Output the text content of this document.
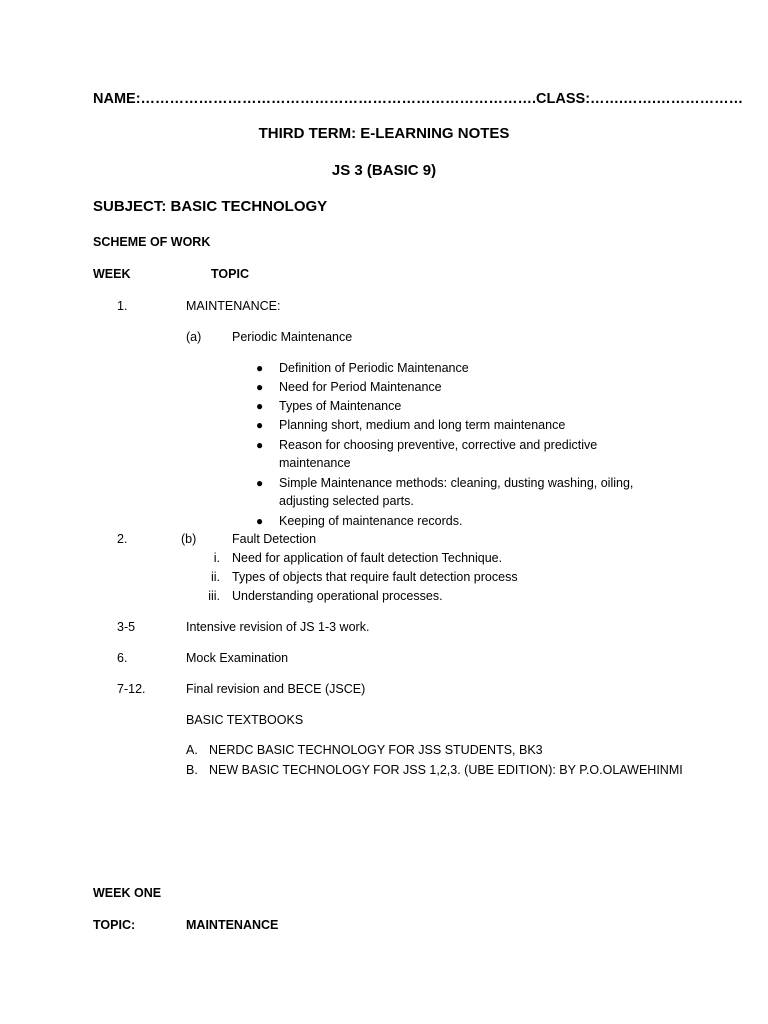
NAME:……………………………………………………………………….CLASS:…….…….………………
THIRD TERM: E-LEARNING NOTES
JS 3 (BASIC 9)
SUBJECT: BASIC TECHNOLOGY
SCHEME OF WORK
WEEK	TOPIC
1.	MAINTENANCE:
(a) Periodic Maintenance
● Definition of Periodic Maintenance
● Need for Period Maintenance
● Types of Maintenance
● Planning short, medium and long term maintenance
● Reason for choosing preventive, corrective and predictive
maintenance
● Simple Maintenance methods: cleaning, dusting washing, oiling,
adjusting selected parts.
● Keeping of maintenance records.
2.	(b)	Fault Detection
i. Need for application of fault detection Technique.
ii. Types of objects that require fault detection process
iii. Understanding operational processes.
3-5	Intensive revision of JS 1-3 work.
6.	Mock Examination
7-12.	Final revision and BECE (JSCE)
BASIC TEXTBOOKS
A. NERDC BASIC TECHNOLOGY FOR JSS STUDENTS, BK3
B. NEW BASIC TECHNOLOGY FOR JSS 1,2,3. (UBE EDITION): BY P.O.OLAWEHINMI
WEEK ONE
TOPIC:	MAINTENANCE
